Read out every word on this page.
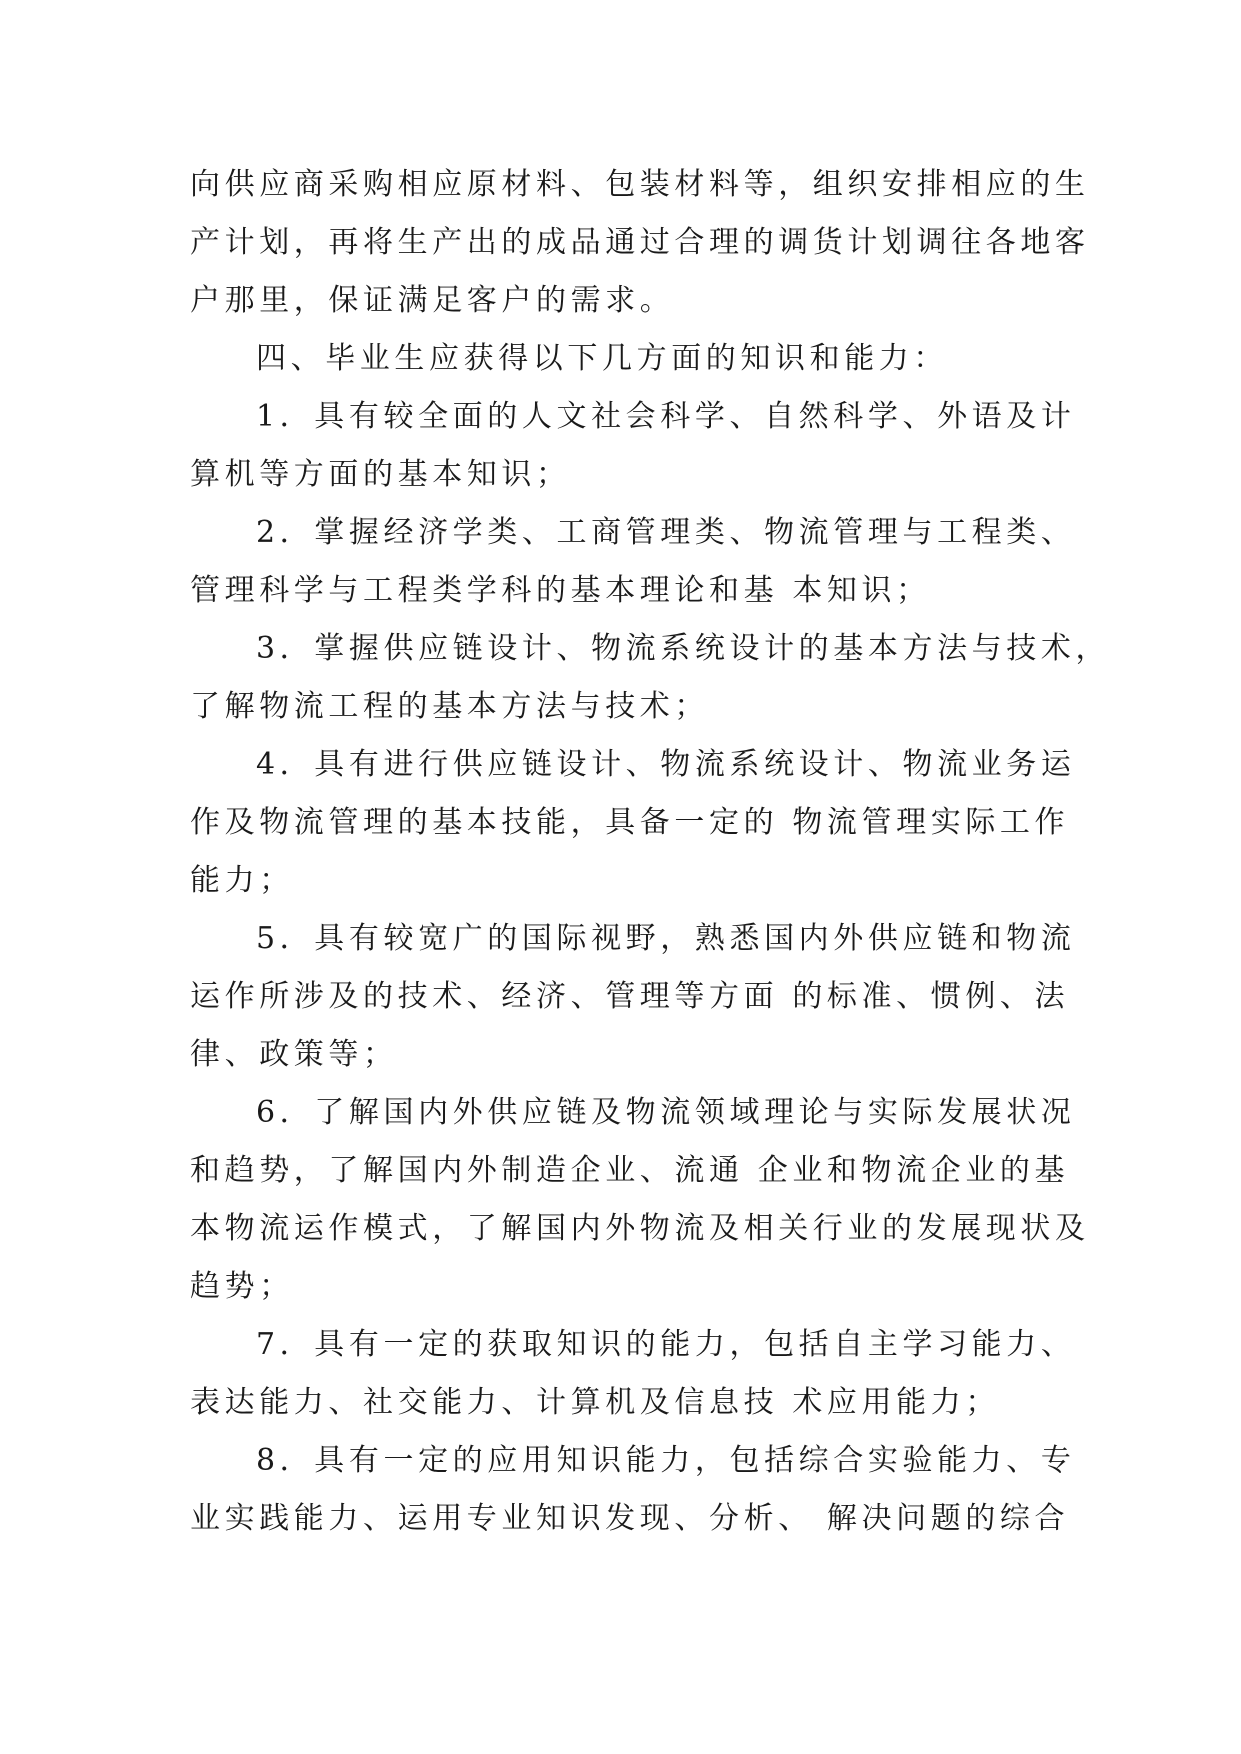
向供应商采购相应原材料、包装材料等，组织安排相应的生
产计划，再将生产出的成品通过合理的调货计划调往各地客
户那里，保证满足客户的需求。
四、毕业生应获得以下几方面的知识和能力：
1．具有较全面的人文社会科学、自然科学、外语及计
算机等方面的基本知识；
2．掌握经济学类、工商管理类、物流管理与工程类、
管理科学与工程类学科的基本理论和基 本知识；
3．掌握供应链设计、物流系统设计的基本方法与技术，
了解物流工程的基本方法与技术；
4．具有进行供应链设计、物流系统设计、物流业务运
作及物流管理的基本技能，具备一定的 物流管理实际工作
能力；
5．具有较宽广的国际视野，熟悉国内外供应链和物流
运作所涉及的技术、经济、管理等方面 的标准、惯例、法
律、政策等；
6．了解国内外供应链及物流领域理论与实际发展状况
和趋势，了解国内外制造企业、流通 企业和物流企业的基
本物流运作模式，了解国内外物流及相关行业的发展现状及
趋势；
7．具有一定的获取知识的能力，包括自主学习能力、
表达能力、社交能力、计算机及信息技 术应用能力；
8．具有一定的应用知识能力，包括综合实验能力、专
业实践能力、运用专业知识发现、分析、 解决问题的综合
